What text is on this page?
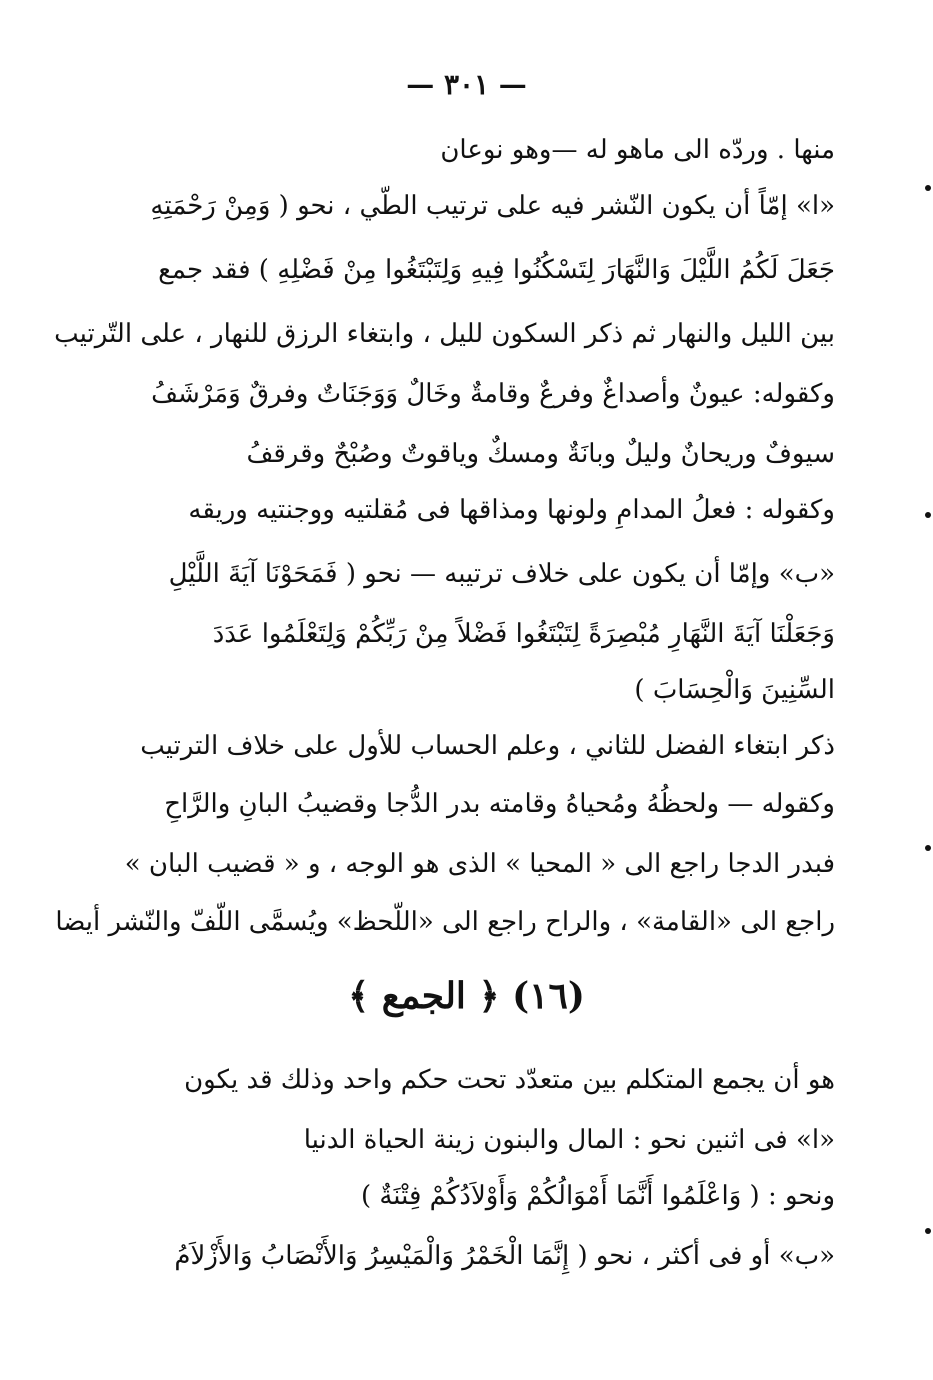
— ٣٠١ —
منها . وردّه الى ماهو له —وهو نوعان
«ا» إمّاً أن يكون النّشر فيه على ترتيب الطّي ، نحو ( وَمِنْ رَحْمَتِهِ
جَعَلَ لَكُمُ اللَّيْلَ وَالنَّهَارَ لِتَسْكُنُوا فِيهِ وَلِتَبْتَغُوا مِنْ فَضْلِهِ ) فقد جمع
بين الليل والنهار ثم ذكر السكون لليل ، وابتغاء الرزق للنهار ، على التّرتيب
وكقوله: عيونٌ وأصداغٌ وفرعٌ وقامةٌ وخَالٌ وَوَجَنَاتٌ وفرقٌ وَمَرْشَفُ
سيوفٌ وريحانٌ وليلٌ وبانَةٌ ومسكٌ وياقوتٌ وصُبْحٌ وقرقفُ
وكقوله : فعلُ المدامِ ولونها ومذاقها فى مُقلتيه ووجنتيه وريقه
«ب» وإمّا أن يكون على خلاف ترتيبه — نحو ( فَمَحَوْنَا آيَةَ اللَّيْلِ
وَجَعَلْنَا آيَةَ النَّهَارِ مُبْصِرَةً لِتَبْتَغُوا فَضْلاً مِنْ رَبِّكُمْ وَلِتَعْلَمُوا عَدَدَ
السِّنِينَ وَالْحِسَابَ )
ذكر ابتغاء الفضل للثاني ، وعلم الحساب للأول على خلاف الترتيب
وكقوله — ولحظُهُ ومُحياهُ وقامته بدر الدُّجا وقضيبُ البانِ والرَّاحِ
فبدر الدجا راجع الى « المحيا » الذى هو الوجه ، و « قضيب البان »
راجع الى «القامة» ، والراح راجع الى «اللّحظ» ويُسمَّى اللّفّ والنّشر أيضا
(١٦) ﴿ الجمع ﴾
هو أن يجمع المتكلم بين متعدّد تحت حكم واحد وذلك قد يكون
«ا» فى اثنين نحو : المال والبنون زينة الحياة الدنيا
ونحو : ( وَاعْلَمُوا أَنَّمَا أَمْوَالُكُمْ وَأَوْلاَدُكُمْ فِتْنَةٌ )
«ب» أو فى أكثر ، نحو ( إِنَّمَا الْخَمْرُ وَالْمَيْسِرُ وَالأَنْصَابُ وَالأَزْلاَمُ
